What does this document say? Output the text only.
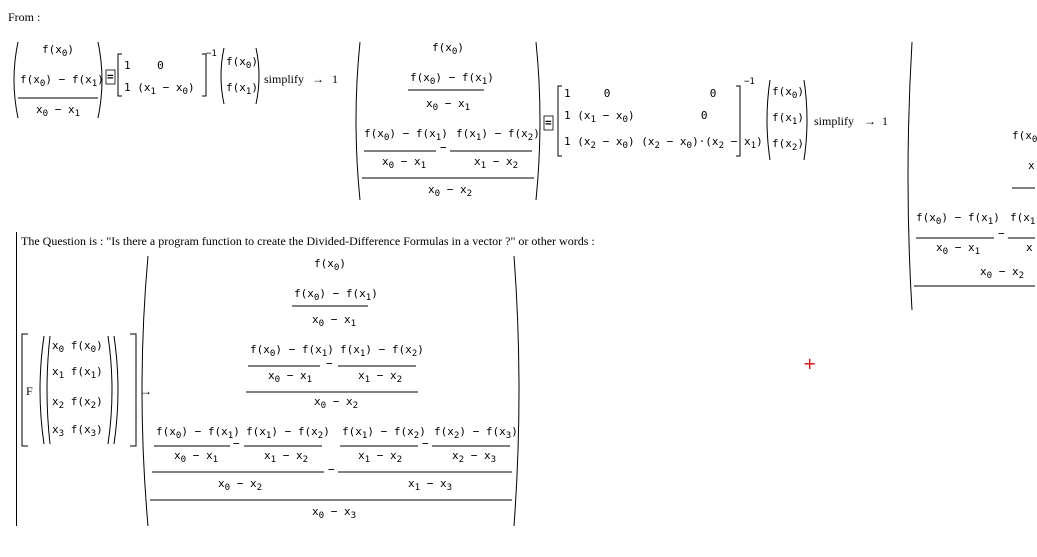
From :
$f(x_0)$
$f(x_0) - f(x_1)$
$x_0 - x_1$
=
1    0
1 $(x_1 - x_0)$
−1
$f(x_0)$
$f(x_1)$
simplify → 1
$f(x_0)$
$f(x_0) - f(x_1)$
$x_0 - x_1$
$f(x_0) - f(x_1) f(x_1) - f(x_2)$
$x_0 - x_1$
−
$x_1 - x_2$
$x_0 - x_2$
=
1     0               0
1 $(x_1 - x_0)$          0
1 $(x_2 - x_0) (x_2 - x_0)\cdot(x_2 - x_1)$
−1
$f(x_0)$
$f(x_1)$
$f(x_2)$
simplify → 1
$f(x_0$
x
$f(x_0) - f(x_1)$ $f(x_1$
$x_0 - x_1$
−
x
$x_0 - x_2$
The Question is : "Is there a program function to create the Divided-Difference Formulas in a vector ?" or other words :
F
$x_0$ $f(x_0)$
$x_1$ $f(x_1)$
$x_2$ $f(x_2)$
$x_3$ $f(x_3)$
→
$f(x_0)$
$f(x_0) - f(x_1)$
$x_0 - x_1$
$f(x_0) - f(x_1) f(x_1) - f(x_2)$
$x_0 - x_1$
−
$x_1 - x_2$
$x_0 - x_2$
$f(x_0) - f(x_1) f(x_1) - f(x_2) f(x_1) - f(x_2) f(x_2) - f(x_3)$
$x_0 - x_1$
−
$x_1 - x_2$	$x_1 - x_2$
−
$x_2 - x_3$
$x_0 - x_2$
−
$x_1 - x_3$
$x_0 - x_3$
+
